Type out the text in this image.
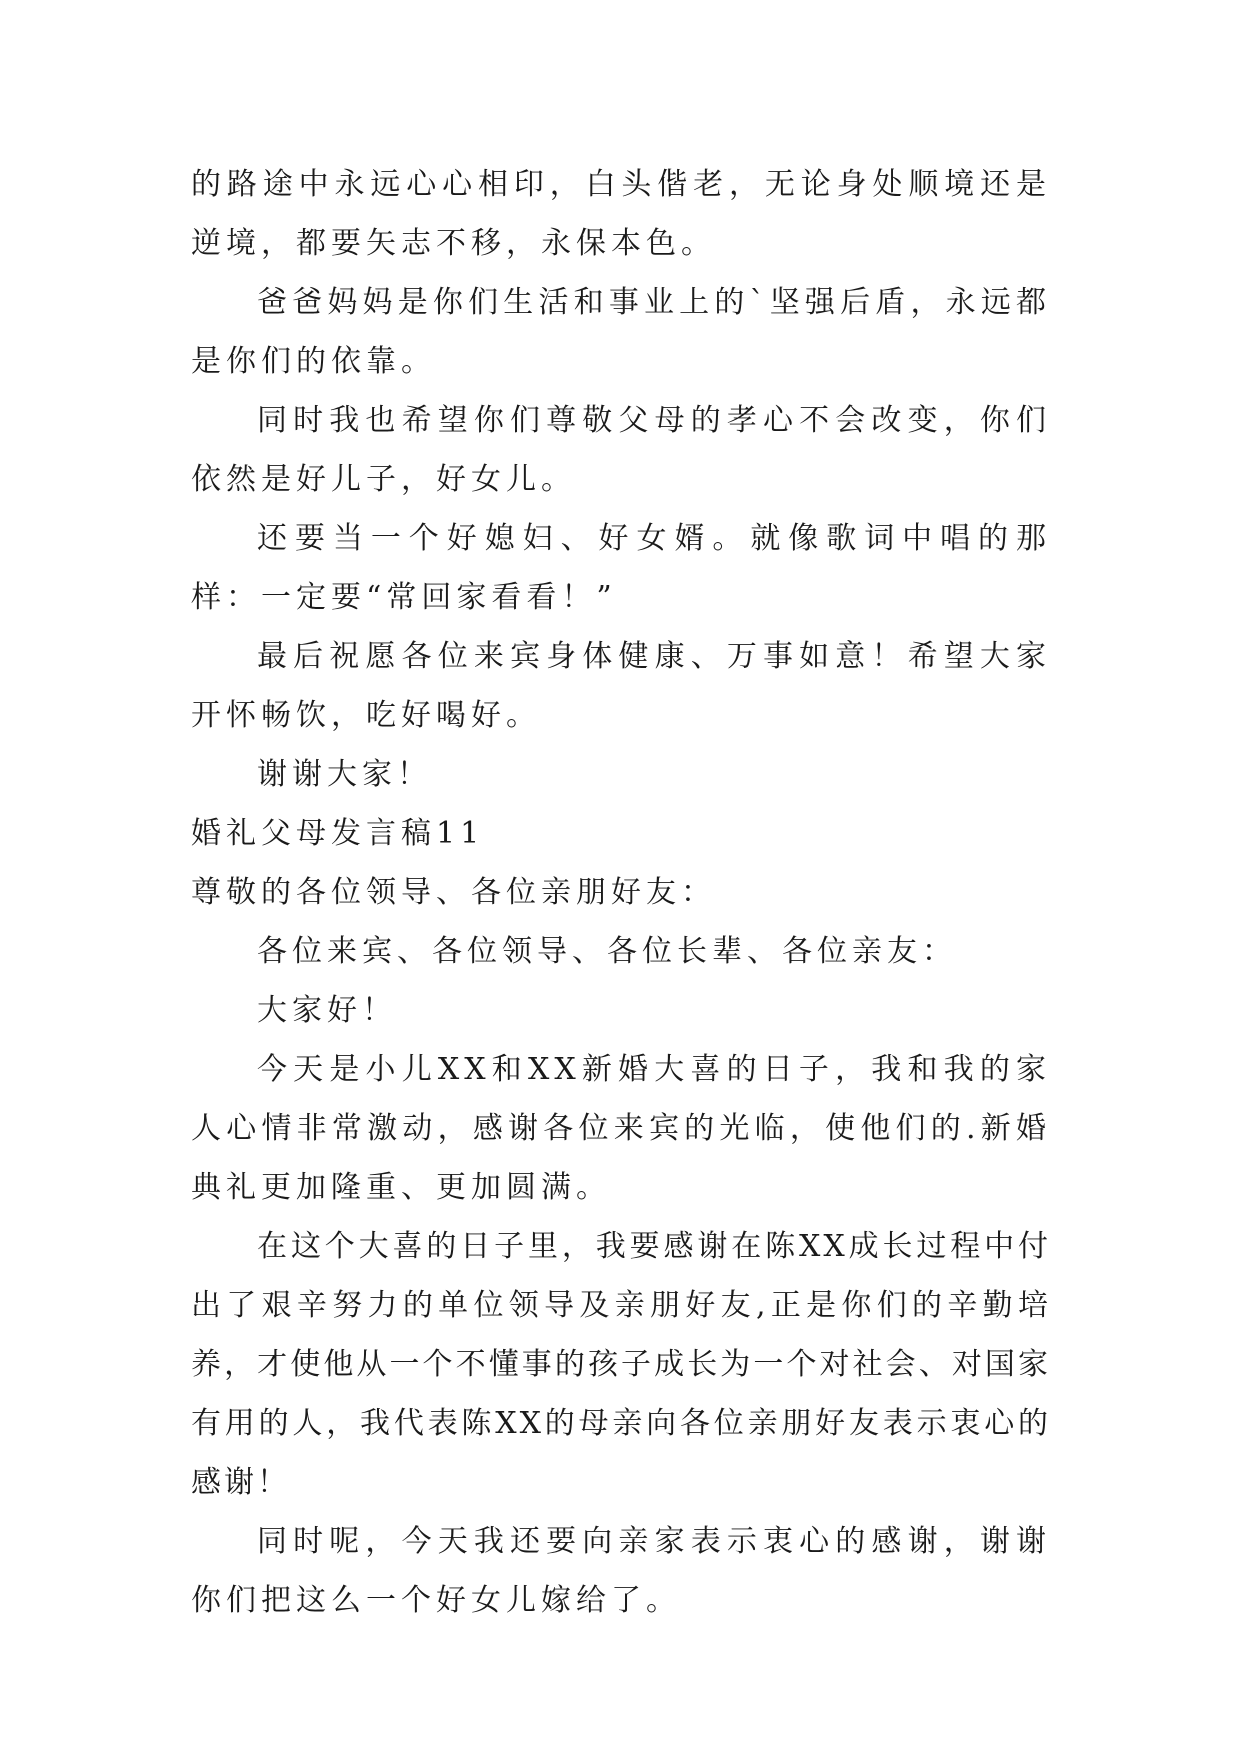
的路途中永远心心相印，白头偕老，无论身处顺境还是逆境，都要矢志不移，永保本色。

爸爸妈妈是你们生活和事业上的`坚强后盾，永远都是你们的依靠。

同时我也希望你们尊敬父母的孝心不会改变，你们依然是好儿子，好女儿。

还要当一个好媳妇、好女婿。就像歌词中唱的那样：一定要“常回家看看！”

最后祝愿各位来宾身体健康、万事如意！希望大家开怀畅饮，吃好喝好。

谢谢大家！

婚礼父母发言稿11

尊敬的各位领导、各位亲朋好友：

各位来宾、各位领导、各位长辈、各位亲友：

大家好！

今天是小儿XX和XX新婚大喜的日子，我和我的家人心情非常激动，感谢各位来宾的光临，使他们的.新婚典礼更加隆重、更加圆满。

在这个大喜的日子里，我要感谢在陈XX成长过程中付出了艰辛努力的单位领导及亲朋好友,正是你们的辛勤培养，才使他从一个不懂事的孩子成长为一个对社会、对国家有用的人，我代表陈XX的母亲向各位亲朋好友表示衷心的感谢！

同时呢，今天我还要向亲家表示衷心的感谢，谢谢你们把这么一个好女儿嫁给了。
